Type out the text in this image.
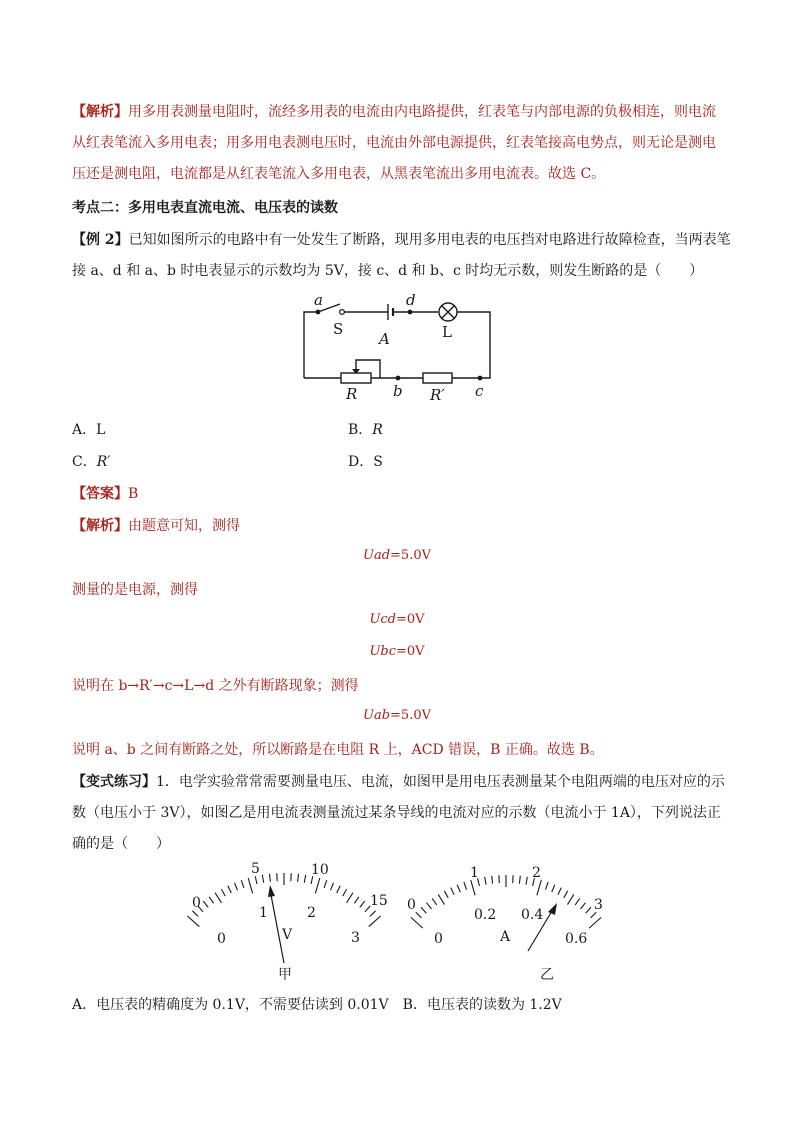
【解析】用多用表测量电阻时，流经多用表的电流由内电路提供，红表笔与内部电源的负极相连，则电流
从红表笔流入多用电表；用多用电表测电压时，电流由外部电源提供，红表笔接高电势点，则无论是测电
压还是测电阻，电流都是从红表笔流入多用电表，从黑表笔流出多用电流表。故选 C。
考点二：多用电表直流电流、电压表的读数
【例 2】已知如图所示的电路中有一处发生了断路，现用多用电表的电压挡对电路进行故障检查，当两表笔
接 a、d 和 a、b 时电表显示的示数均为 5V，接 c、d 和 b、c 时均无示数，则发生断路的是（　　）
a	d
S	L
A
R b R′ c
A．L	B．R
C．R′	D．S
【答案】B
【解析】由题意可知，测得
Uad=5.0V
测量的是电源，测得
Ucd=0V
Ubc=0V
说明在 b→R′→c→L→d 之外有断路现象；测得
Uab=5.0V
说明 a、b 之间有断路之处，所以断路是在电阻 R 上，ACD 错误，B 正确。故选 B。
【变式练习】1．电学实验常常需要测量电压、电流，如图甲是用电压表测量某个电阻两端的电压对应的示
数（电压小于 3V），如图乙是用电流表测量流过某条导线的电流对应的示数（电流小于 1A），下列说法正
确的是（　　）
0
5	10
15
0
1	2
3
V
甲
0
1	2
3
0
0.2 0.4
0.6
A
乙
A．电压表的精确度为 0.1V，不需要估读到 0.01V　B．电压表的读数为 1.2V
